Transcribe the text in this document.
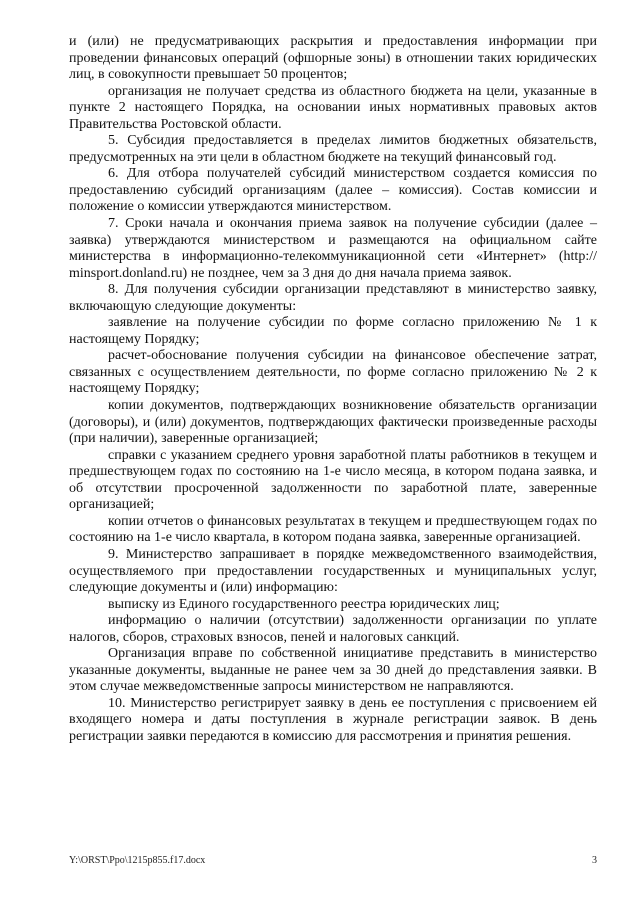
и (или) не предусматривающих раскрытия и предоставления информации при проведении финансовых операций (офшорные зоны) в отношении таких юридических лиц, в совокупности превышает 50 процентов;

организация не получает средства из областного бюджета на цели, указанные в пункте 2 настоящего Порядка, на основании иных нормативных правовых актов Правительства Ростовской области.

5. Субсидия предоставляется в пределах лимитов бюджетных обязательств, предусмотренных на эти цели в областном бюджете на текущий финансовый год.

6. Для отбора получателей субсидий министерством создается комиссия по предоставлению субсидий организациям (далее – комиссия). Состав комиссии и положение о комиссии утверждаются министерством.

7. Сроки начала и окончания приема заявок на получение субсидии (далее – заявка) утверждаются министерством и размещаются на официальном сайте министерства в информационно-телекоммуникационной сети «Интернет» (http:// minsport.donland.ru) не позднее, чем за 3 дня до дня начала приема заявок.

8. Для получения субсидии организации представляют в министерство заявку, включающую следующие документы:

заявление на получение субсидии по форме согласно приложению № 1 к настоящему Порядку;

расчет-обоснование получения субсидии на финансовое обеспечение затрат, связанных с осуществлением деятельности, по форме согласно приложению № 2 к настоящему Порядку;

копии документов, подтверждающих возникновение обязательств организации (договоры), и (или) документов, подтверждающих фактически произведенные расходы (при наличии), заверенные организацией;

справки с указанием среднего уровня заработной платы работников в текущем и предшествующем годах по состоянию на 1-е число месяца, в котором подана заявка, и об отсутствии просроченной задолженности по заработной плате, заверенные организацией;

копии отчетов о финансовых результатах в текущем и предшествующем годах по состоянию на 1-е число квартала, в котором подана заявка, заверенные организацией.

9. Министерство запрашивает в порядке межведомственного взаимодействия, осуществляемого при предоставлении государственных и муниципальных услуг, следующие документы и (или) информацию:

выписку из Единого государственного реестра юридических лиц;

информацию о наличии (отсутствии) задолженности организации по уплате налогов, сборов, страховых взносов, пеней и налоговых санкций.

Организация вправе по собственной инициативе представить в министерство указанные документы, выданные не ранее чем за 30 дней до представления заявки. В этом случае межведомственные запросы министерством не направляются.

10. Министерство регистрирует заявку в день ее поступления с присвоением ей входящего номера и даты поступления в журнале регистрации заявок. В день регистрации заявки передаются в комиссию для рассмотрения и принятия решения.

Y:\ORST\Ppo\1215p855.f17.docx	3
